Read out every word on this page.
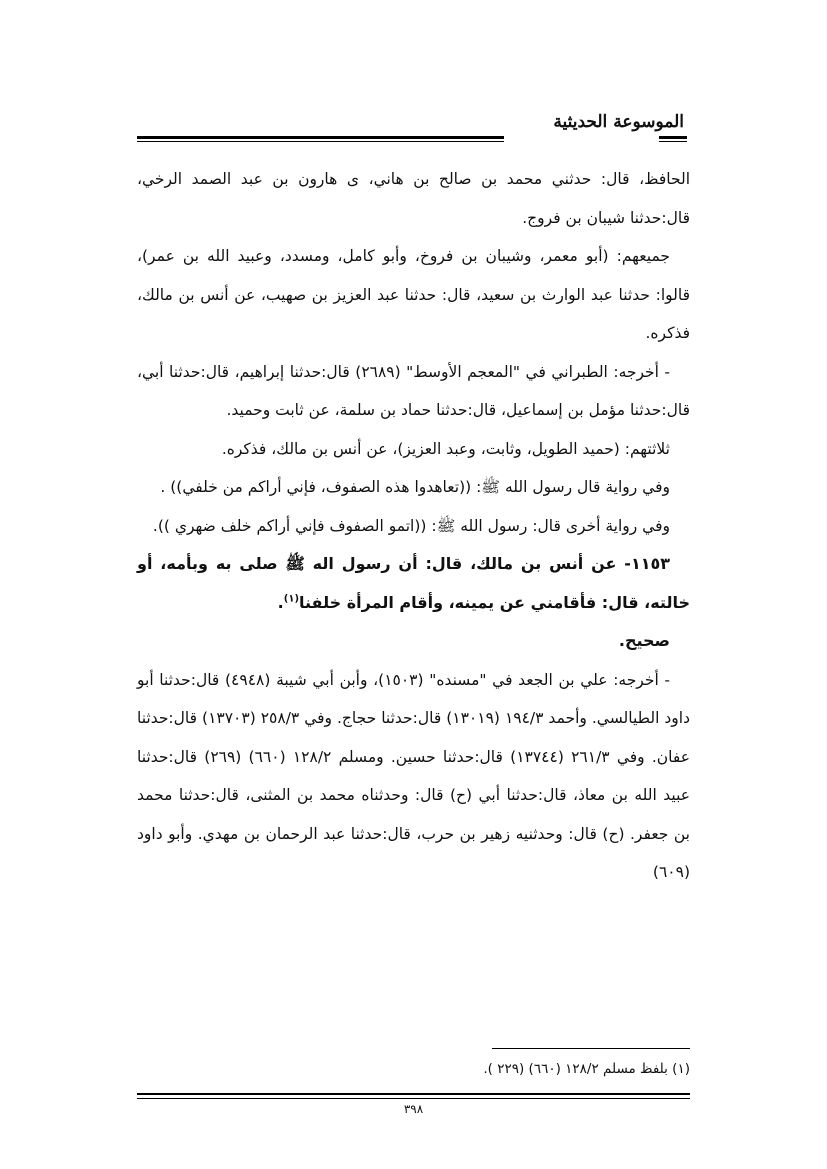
الموسوعة الحديثية

الحافظ، قال: حدثني محمد بن صالح بن هاني، ى هارون بن عبد الصمد الرخي، قال:حدثنا شيبان بن فروج.

جميعهم: (أبو معمر، وشيبان بن فروخ، وأبو كامل، ومسدد، وعبيد الله بن عمر)، قالوا: حدثنا عبد الوارث بن سعيد، قال: حدثنا عبد العزيز بن صهيب، عن أنس بن مالك، فذكره.

- أخرجه: الطبراني في "المعجم الأوسط" (٢٦٨٩) قال:حدثنا إبراهيم، قال:حدثنا أبي، قال:حدثنا مؤمل بن إسماعيل، قال:حدثنا حماد بن سلمة، عن ثابت وحميد.

ثلاثتهم: (حميد الطويل، وثابت، وعبد العزيز)، عن أنس بن مالك، فذكره.

وفي رواية قال رسول الله ﷺ: ((تعاهدوا هذه الصفوف، فإني أراكم من خلفي)) .

وفي رواية أخرى قال: رسول الله ﷺ: ((اتمو الصفوف فإني أراكم خلف ضهري )).

١١٥٣- عن أنس بن مالك، قال: أن رسول اله ﷺ صلى به وبأمه، أو خالته، قال: فأقامني عن يمينه، وأقام المرأة خلفنا$^{(١)}$.

صحيح.

- أخرجه: علي بن الجعد في "مسنده" (١٥٠٣)، وأبن أبي شيبة (٤٩٤٨) قال:حدثنا أبو داود الطيالسي. وأحمد ١٩٤/٣ (١٣٠١٩) قال:حدثنا حجاج. وفي ٢٥٨/٣ (١٣٧٠٣) قال:حدثنا عفان. وفي ٢٦١/٣ (١٣٧٤٤) قال:حدثنا حسين. ومسلم ١٢٨/٢ (٦٦٠) (٢٦٩) قال:حدثنا عبيد الله بن معاذ، قال:حدثنا أبي (ح) قال: وحدثناه محمد بن المثنى، قال:حدثنا محمد بن جعفر. (ح) قال: وحدثنيه زهير بن حرب، قال:حدثنا عبد الرحمان بن مهدي. وأبو داود (٦٠٩)

(١) بلفظ مسلم ١٢٨/٢ (٦٦٠) (٢٢٩ ).
٣٩٨
